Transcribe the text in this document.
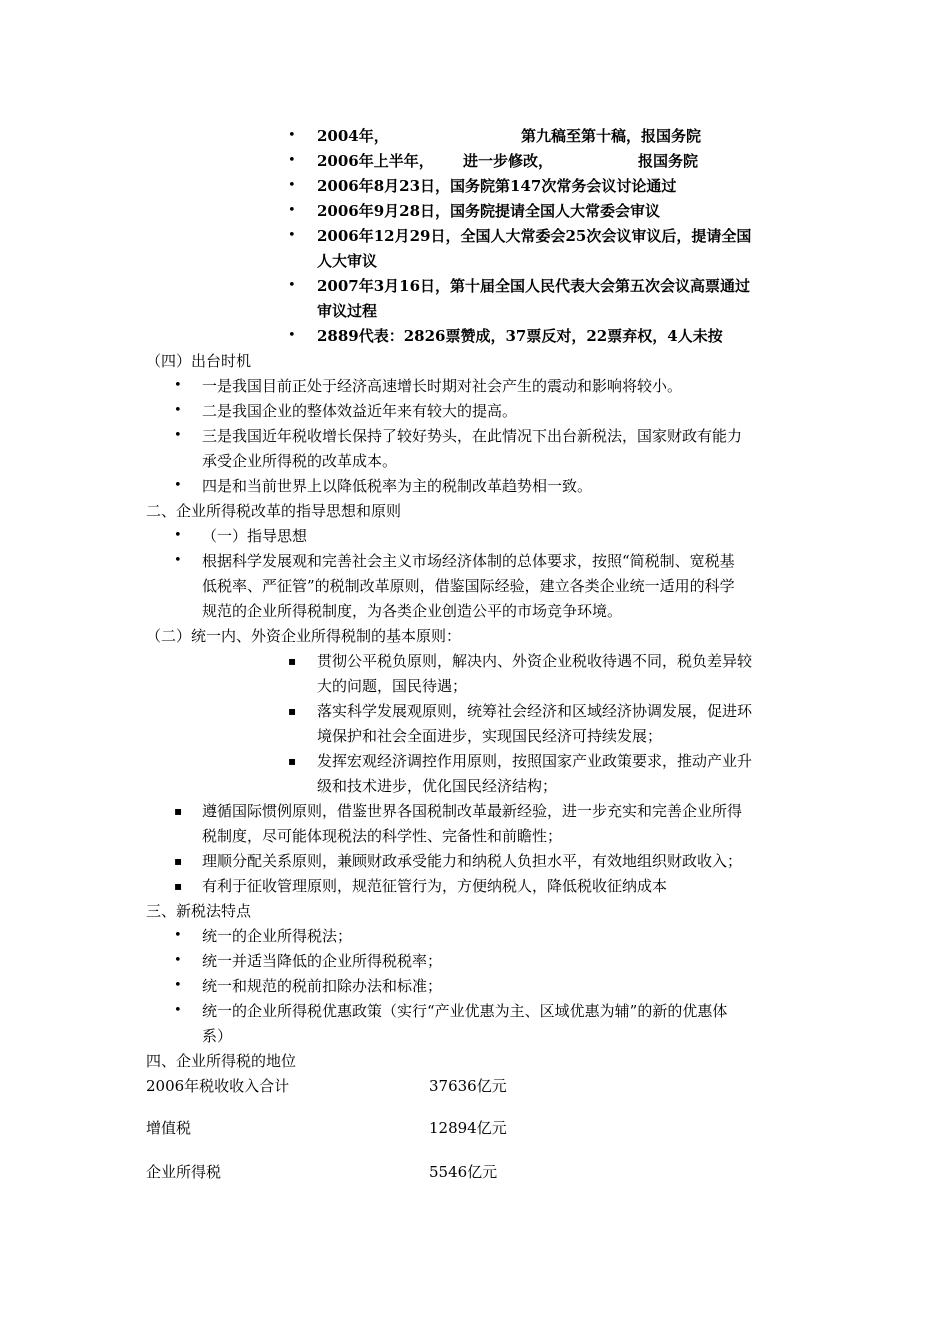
• 2004年，	第九稿至第十稿，报国务院
• 2006年上半年， 进一步修改，	报国务院
• 2006年8月23日，国务院第147次常务会议讨论通过
• 2006年9月28日，国务院提请全国人大常委会审议
• 2006年12月29日，全国人大常委会25次会议审议后，提请全国
人大审议
• 2007年3月16日，第十届全国人民代表大会第五次会议高票通过
审议过程
• 2889代表：2826票赞成，37票反对，22票弃权，4人未按
（四）出台时机
• 一是我国目前正处于经济高速增长时期对社会产生的震动和影响将较小。
• 二是我国企业的整体效益近年来有较大的提高。
• 三是我国近年税收增长保持了较好势头，在此情况下出台新税法，国家财政有能力
承受企业所得税的改革成本。
• 四是和当前世界上以降低税率为主的税制改革趋势相一致。
二、企业所得税改革的指导思想和原则
• （一）指导思想
• 根据科学发展观和完善社会主义市场经济体制的总体要求，按照“简税制、宽税基
低税率、严征管”的税制改革原则，借鉴国际经验，建立各类企业统一适用的科学
规范的企业所得税制度，为各类企业创造公平的市场竞争环境。
（二）统一内、外资企业所得税制的基本原则：
▪ 贯彻公平税负原则，解决内、外资企业税收待遇不同，税负差异较
大的问题，国民待遇；
▪ 落实科学发展观原则，统筹社会经济和区域经济协调发展，促进环
境保护和社会全面进步，实现国民经济可持续发展；
▪ 发挥宏观经济调控作用原则，按照国家产业政策要求，推动产业升
级和技术进步，优化国民经济结构；
▪ 遵循国际惯例原则，借鉴世界各国税制改革最新经验，进一步充实和完善企业所得
税制度，尽可能体现税法的科学性、完备性和前瞻性；
▪ 理顺分配关系原则，兼顾财政承受能力和纳税人负担水平，有效地组织财政收入；
▪ 有利于征收管理原则，规范征管行为，方便纳税人，降低税收征纳成本
三、新税法特点
• 统一的企业所得税法；
• 统一并适当降低的企业所得税税率；
• 统一和规范的税前扣除办法和标准；
• 统一的企业所得税优惠政策（实行“产业优惠为主、区域优惠为辅”的新的优惠体
系）
四、企业所得税的地位
2006年税收收入合计	37636亿元
增值税	12894亿元
企业所得税	5546亿元
